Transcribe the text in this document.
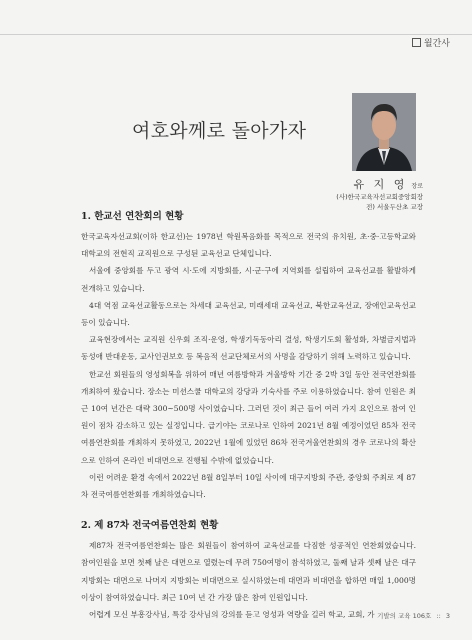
월간사
여호와께로 돌아가자
유 지 영 장로
(사)한국교육자선교회중앙회장
전) 서울두산초 교장
1. 한교선 연찬회의 현황

한국교육자선교회(이하 한교선)는 1978년 학원복음화를 목적으로 전국의 유치원, 초·중·고등학교와 대학교의 전현직 교직원으로 구성된 교육선교 단체입니다.

서울에 중앙회를 두고 광역 시·도에 지방회를, 시·군·구에 지역회를 설립하여 교육선교를 활발하게 전개하고 있습니다.

4대 역점 교육선교활동으로는 차세대 교육선교, 미래세대 교육선교, 북한교육선교, 장애인교육선교 등이 있습니다.

교육현장에서는 교직원 신우회 조직·운영, 학생기독동아리 결성, 학생기도회 활성화, 차별금지법과 동성애 반대운동, 교사인권보호 등 복음적 선교단체로서의 사명을 감당하기 위해 노력하고 있습니다.

한교선 회원들의 영성회복을 위하여 매년 여름방학과 겨울방학 기간 중 2박 3일 동안 전국연찬회를 개최하여 왔습니다. 장소는 미션스쿨 대학교의 강당과 기숙사를 주로 이용하였습니다. 참여 인원은 최근 10여 년간은 대략 300~500명 사이였습니다. 그러던 것이 최근 들어 여러 가지 요인으로 참여 인원이 점차 감소하고 있는 실정입니다. 급기야는 코로나로 인하여 2021년 8월 예정이었던 85차 전국여름연찬회를 개최하지 못하였고, 2022년 1월에 있었던 86차 전국겨울연찬회의 경우 코로나의 확산으로 인하여 온라인 비대면으로 진행될 수밖에 없었습니다.

이런 어려운 환경 속에서 2022년 8월 8일부터 10일 사이에 대구지방회 주관, 중앙회 주최로 제 87차 전국여름연찬회를 개최하였습니다.

2. 제 87차 전국여름연찬회 현황

제87차 전국여름연찬회는 많은 회원들이 참여하여 교육선교를 다짐한 성공적인 연찬회였습니다. 참여인원을 보면 첫째 날은 대면으로 열렸는데 무려 750여명이 참석하였고, 둘째 날과 셋째 날은 대구지방회는 대면으로 나머지 지방회는 비대면으로 실시하였는데 대면과 비대면을 합하면 매일 1,000명 이상이 참여하였습니다. 최근 10여 년 간 가장 많은 참여 인원입니다.

어렵게 모신 부흥강사님, 특강 강사님의 강의를 듣고 영성과 역량을 길러 학교, 교회, 가 기발의 교육 106호 :: 3
